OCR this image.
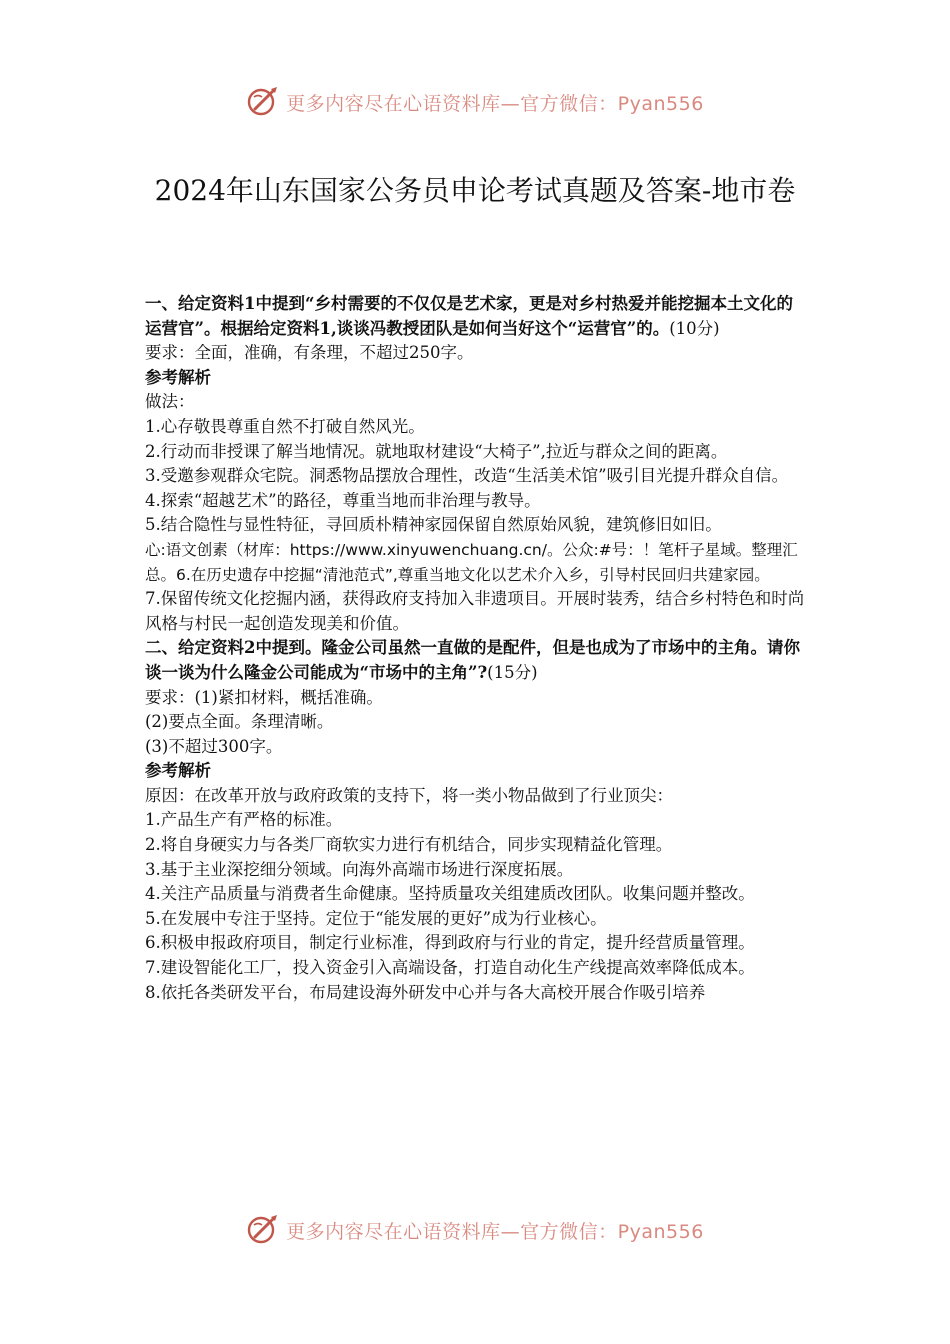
更多内容尽在心语资料库—官方微信：Pyan556
2024年山东国家公务员申论考试真题及答案-地市卷

一、给定资料1中提到“乡村需要的不仅仅是艺术家，更是对乡村热爱并能挖掘本土文化的运营官”。根据给定资料1,谈谈冯教授团队是如何当好这个“运营官”的。(10分)

要求：全面，准确，有条理，不超过250字。

参考解析

做法：

1.心存敬畏尊重自然不打破自然风光。

2.行动而非授课了解当地情况。就地取材建设“大椅子”,拉近与群众之间的距离。

3.受邀参观群众宅院。洞悉物品摆放合理性，改造“生活美术馆”吸引目光提升群众自信。

4.探索“超越艺术”的路径，尊重当地而非治理与教导。

5.结合隐性与显性特征，寻回质朴精神家园保留自然原始风貌，建筑修旧如旧。

心:语文创素（材库：https://www.xinyuwenchuang.cn/。公众:#号：！笔杆子星域。整理汇总。6.在历史遗存中挖掘“清池范式”,尊重当地文化以艺术介入乡，引导村民回归共建家园。

7.保留传统文化挖掘内涵，获得政府支持加入非遗项目。开展时装秀，结合乡村特色和时尚风格与村民一起创造发现美和价值。

二、给定资料2中提到。隆金公司虽然一直做的是配件，但是也成为了市场中的主角。请你谈一谈为什么隆金公司能成为“市场中的主角”?(15分)

要求：(1)紧扣材料，概括准确。

(2)要点全面。条理清晰。

(3)不超过300字。

参考解析

原因：在改革开放与政府政策的支持下，将一类小物品做到了行业顶尖：

1.产品生产有严格的标准。

2.将自身硬实力与各类厂商软实力进行有机结合，同步实现精益化管理。

3.基于主业深挖细分领域。向海外高端市场进行深度拓展。

4.关注产品质量与消费者生命健康。坚持质量攻关组建质改团队。收集问题并整改。

5.在发展中专注于坚持。定位于“能发展的更好”成为行业核心。

6.积极申报政府项目，制定行业标准，得到政府与行业的肯定，提升经营质量管理。

7.建设智能化工厂，投入资金引入高端设备，打造自动化生产线提高效率降低成本。

8.依托各类研发平台，布局建设海外研发中心并与各大高校开展合作吸引培养

更多内容尽在心语资料库—官方微信：Pyan556
